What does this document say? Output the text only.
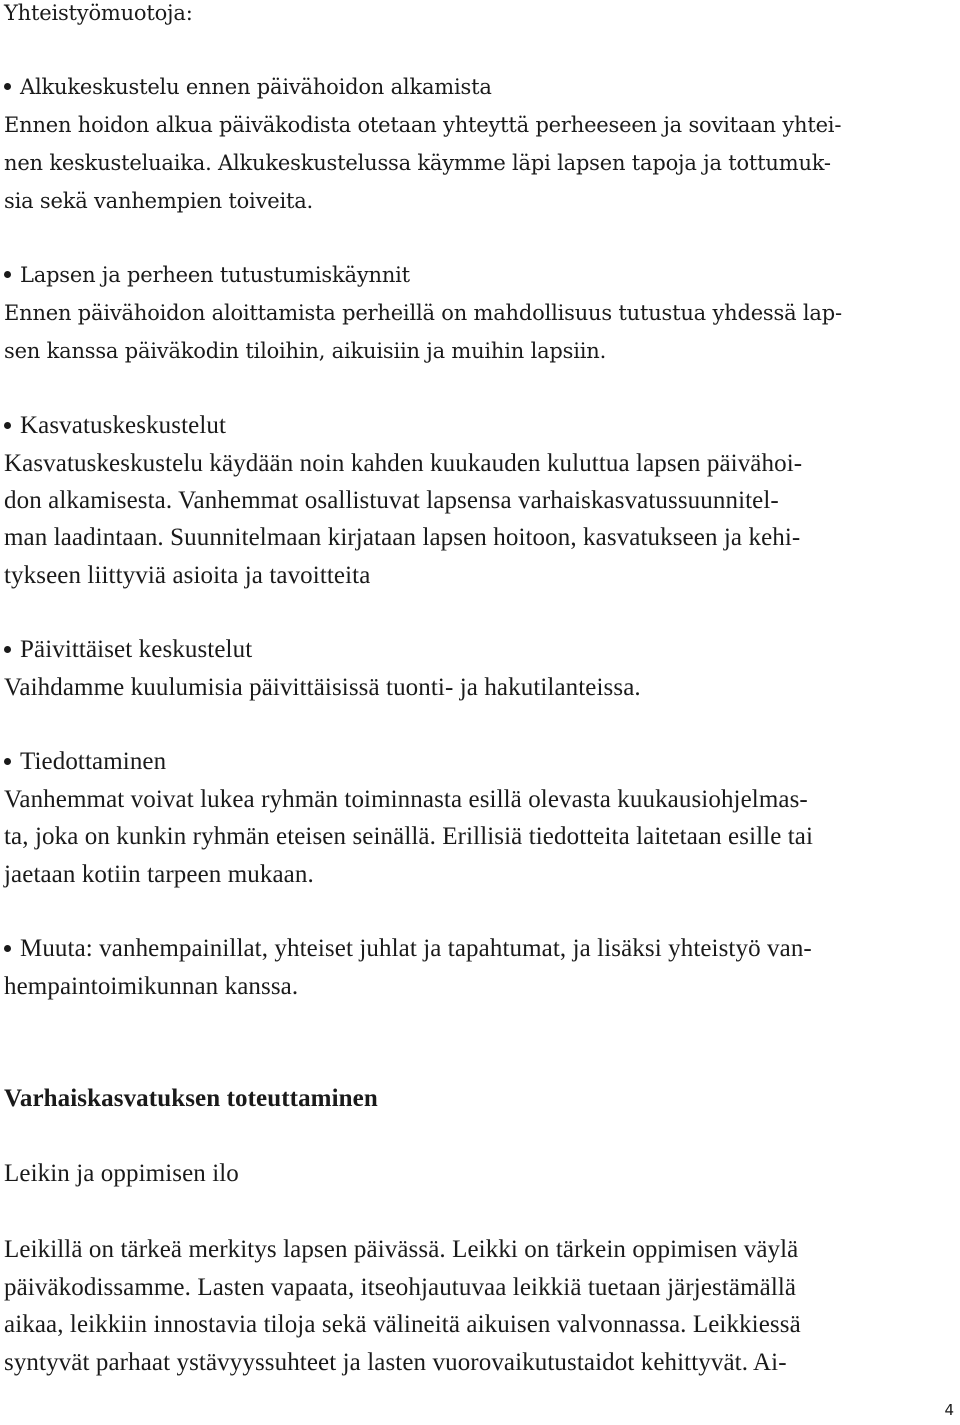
Yhteistyömuotoja:
Alkukeskustelu ennen päivähoidon alkamista
Ennen hoidon alkua päiväkodista otetaan yhteyttä perheeseen ja sovitaan yhtei-
nen keskusteluaika. Alkukeskustelussa käymme läpi lapsen tapoja ja tottumuk-
sia sekä vanhempien toiveita.
Lapsen ja perheen tutustumiskäynnit
Ennen päivähoidon aloittamista perheillä on mahdollisuus tutustua yhdessä lap-
sen kanssa päiväkodin tiloihin, aikuisiin ja muihin lapsiin.
Kasvatuskeskustelut
Kasvatuskeskustelu käydään noin kahden kuukauden kuluttua lapsen päivähoi-
don alkamisesta. Vanhemmat osallistuvat lapsensa varhaiskasvatussuunnitel-
man laadintaan. Suunnitelmaan kirjataan lapsen hoitoon, kasvatukseen ja kehi-
tykseen liittyviä asioita ja tavoitteita
Päivittäiset keskustelut
Vaihdamme kuulumisia päivittäisissä tuonti- ja hakutilanteissa.
Tiedottaminen
Vanhemmat voivat lukea ryhmän toiminnasta esillä olevasta kuukausiohjelmas-
ta, joka on kunkin ryhmän eteisen seinällä. Erillisiä tiedotteita laitetaan esille tai
jaetaan kotiin tarpeen mukaan.
Muuta: vanhempainillat, yhteiset juhlat ja tapahtumat, ja lisäksi yhteistyö van-
hempaintoimikunnan kanssa.
Varhaiskasvatuksen toteuttaminen
Leikin ja oppimisen ilo
Leikillä on tärkeä merkitys lapsen päivässä. Leikki on tärkein oppimisen väylä
päiväkodissamme. Lasten vapaata, itseohjautuvaa leikkiä tuetaan järjestämällä
aikaa, leikkiin innostavia tiloja sekä välineitä aikuisen valvonnassa. Leikkiessä
syntyvät parhaat ystävyyssuhteet ja lasten vuorovaikutustaidot kehittyvät. Ai-
4
